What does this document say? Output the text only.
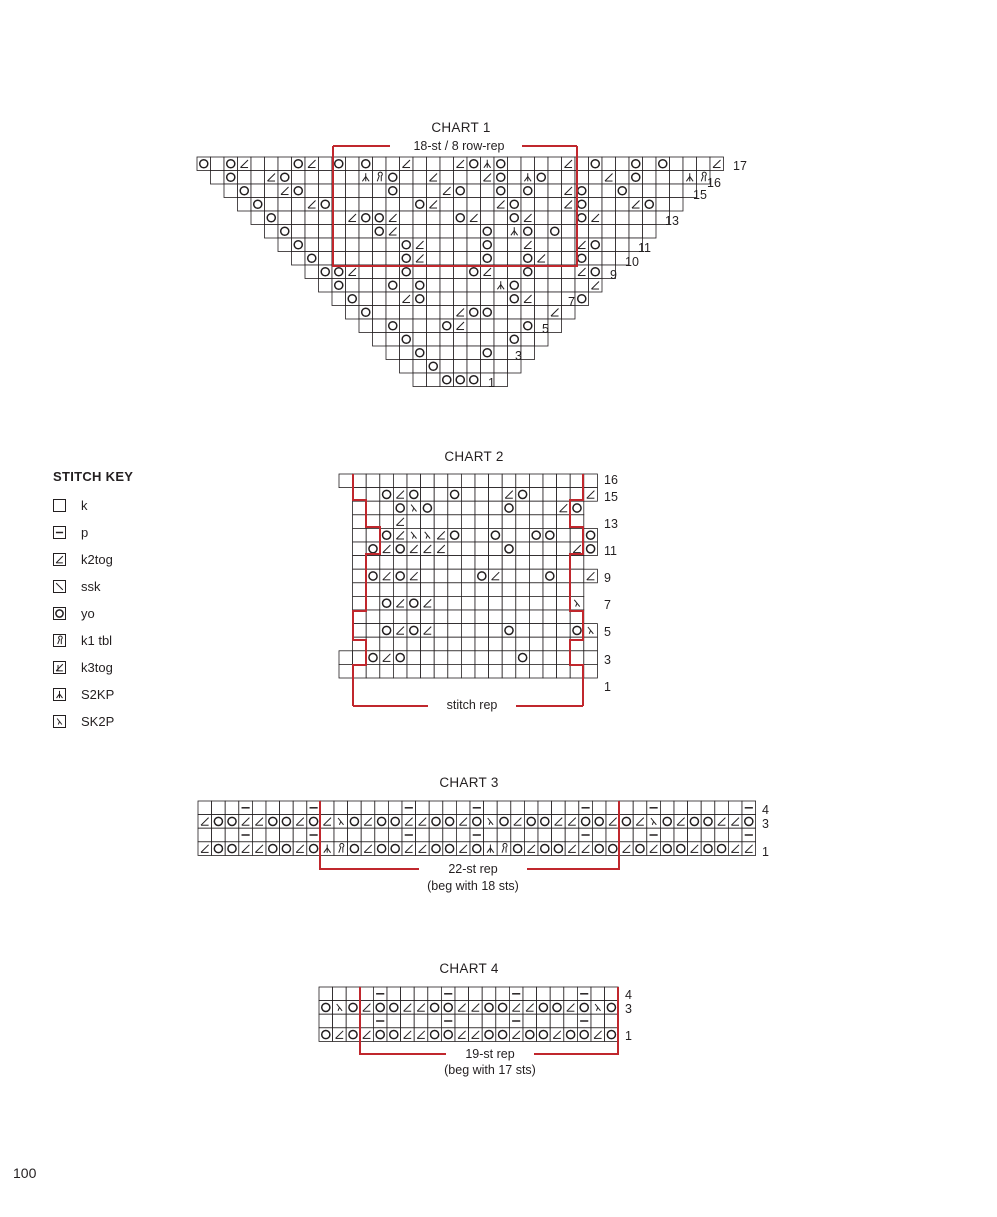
CHART 1
18-st / 8 row-rep
17
16
15
13
11
10
9
7
5
3
1
STITCH KEY
k
p
k2tog
ssk
yo
k1 tbl
k3tog
S2KP
SK2P
CHART 2
stitch rep
16
15
13
11
9
7
5
3
1
CHART 3
22-st rep
(beg with 18 sts)
4
3
1
CHART 4
19-st rep
(beg with 17 sts)
4
3
1
100
